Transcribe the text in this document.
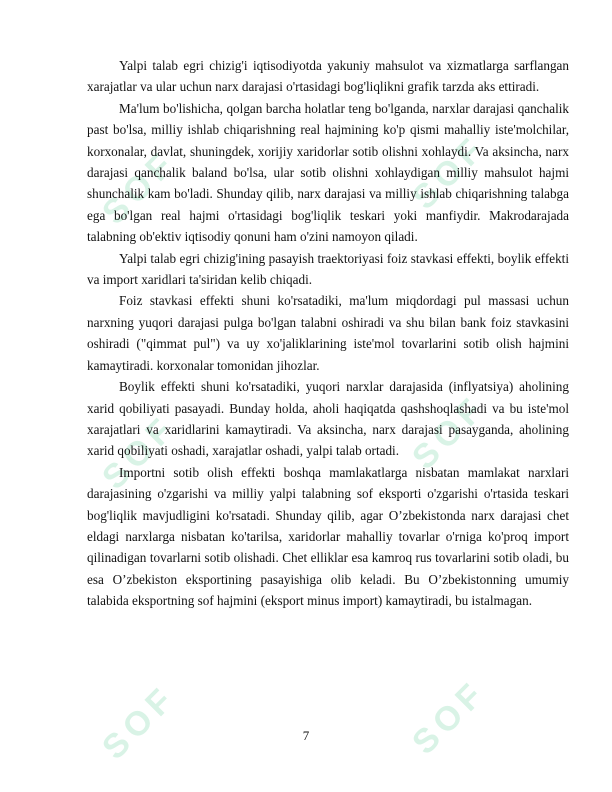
SOF	SOF
SOF	SOF
SOF	SOF

Yalpi talab egri chizig'i iqtisodiyotda yakuniy mahsulot va xizmatlarga sarflangan xarajatlar va ular uchun narx darajasi o'rtasidagi bog'liqlikni grafik tarzda aks ettiradi.

Ma'lum bo'lishicha, qolgan barcha holatlar teng bo'lganda, narxlar darajasi qanchalik past bo'lsa, milliy ishlab chiqarishning real hajmining ko'p qismi mahalliy iste'molchilar, korxonalar, davlat, shuningdek, xorijiy xaridorlar sotib olishni xohlaydi. Va aksincha, narx darajasi qanchalik baland bo'lsa, ular sotib olishni xohlaydigan milliy mahsulot hajmi shunchalik kam bo'ladi. Shunday qilib, narx darajasi va milliy ishlab chiqarishning talabga ega bo'lgan real hajmi o'rtasidagi bog'liqlik teskari yoki manfiydir. Makrodarajada talabning ob'ektiv iqtisodiy qonuni ham o'zini namoyon qiladi.

Yalpi talab egri chizig'ining pasayish traektoriyasi foiz stavkasi effekti, boylik effekti va import xaridlari ta'siridan kelib chiqadi.

Foiz stavkasi effekti shuni ko'rsatadiki, ma'lum miqdordagi pul massasi uchun narxning yuqori darajasi pulga bo'lgan talabni oshiradi va shu bilan bank foiz stavkasini oshiradi ("qimmat pul") va uy xo'jaliklarining iste'mol tovarlarini sotib olish hajmini kamaytiradi. korxonalar tomonidan jihozlar.

Boylik effekti shuni ko'rsatadiki, yuqori narxlar darajasida (inflyatsiya) aholining xarid qobiliyati pasayadi. Bunday holda, aholi haqiqatda qashshoqlashadi va bu iste'mol xarajatlari va xaridlarini kamaytiradi. Va aksincha, narx darajasi pasayganda, aholining xarid qobiliyati oshadi, xarajatlar oshadi, yalpi talab ortadi.

Importni sotib olish effekti boshqa mamlakatlarga nisbatan mamlakat narxlari darajasining o'zgarishi va milliy yalpi talabning sof eksporti o'zgarishi o'rtasida teskari bog'liqlik mavjudligini ko'rsatadi. Shunday qilib, agar O’zbekistonda narx darajasi chet eldagi narxlarga nisbatan ko'tarilsa, xaridorlar mahalliy tovarlar o'rniga ko'proq import qilinadigan tovarlarni sotib olishadi. Chet elliklar esa kamroq rus tovarlarini sotib oladi, bu esa O’zbekiston eksportining pasayishiga olib keladi. Bu O’zbekistonning umumiy talabida eksportning sof hajmini (eksport minus import) kamaytiradi, bu istalmagan.

7
